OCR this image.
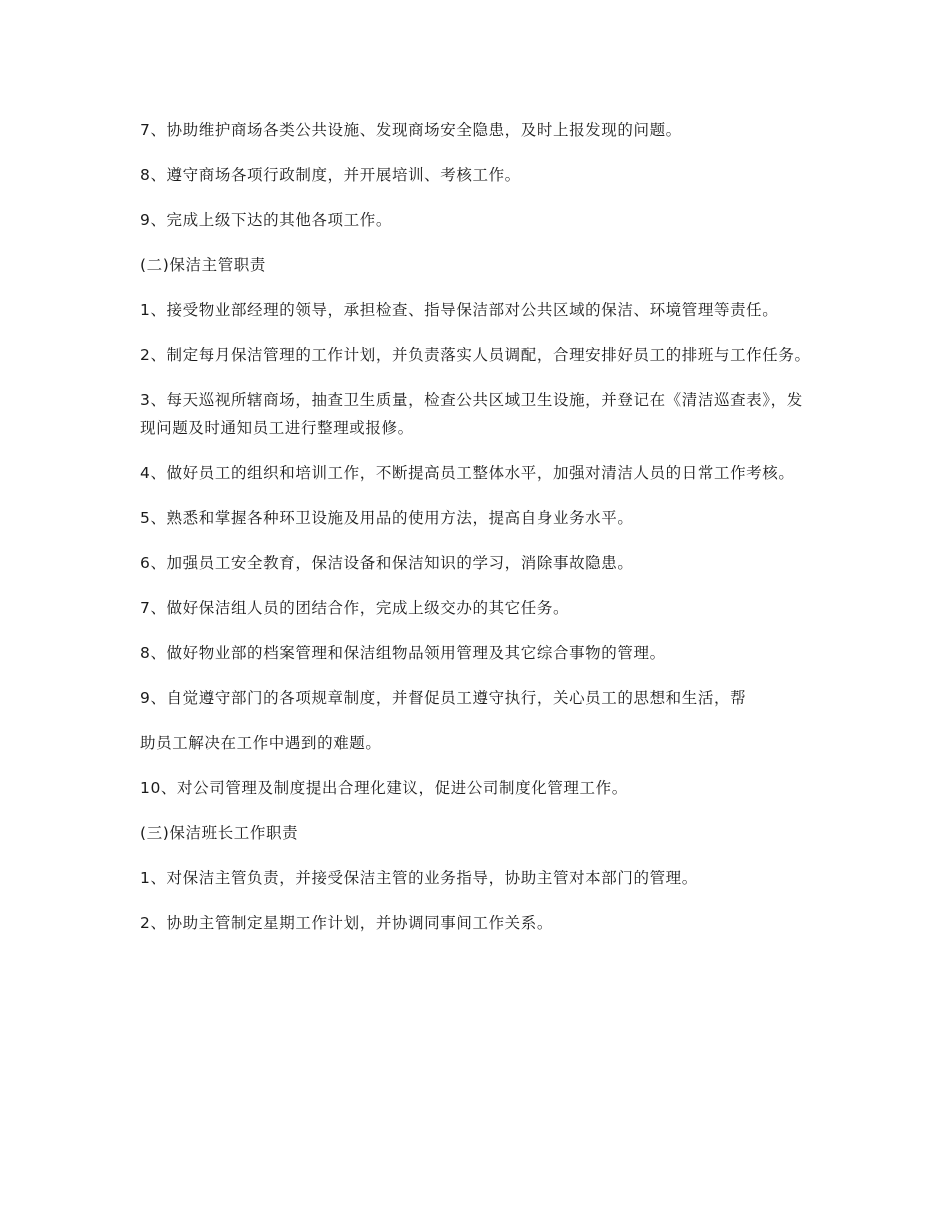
7、协助维护商场各类公共设施、发现商场安全隐患，及时上报发现的问题。

8、遵守商场各项行政制度，并开展培训、考核工作。

9、完成上级下达的其他各项工作。

(二)保洁主管职责

1、接受物业部经理的领导，承担检查、指导保洁部对公共区域的保洁、环境管理等责任。

2、制定每月保洁管理的工作计划，并负责落实人员调配，合理安排好员工的排班与工作任务。

3、每天巡视所辖商场，抽查卫生质量，检查公共区域卫生设施，并登记在《清洁巡查表》，发现问题及时通知员工进行整理或报修。

4、做好员工的组织和培训工作，不断提高员工整体水平，加强对清洁人员的日常工作考核。

5、熟悉和掌握各种环卫设施及用品的使用方法，提高自身业务水平。

6、加强员工安全教育，保洁设备和保洁知识的学习，消除事故隐患。

7、做好保洁组人员的团结合作，完成上级交办的其它任务。

8、做好物业部的档案管理和保洁组物品领用管理及其它综合事物的管理。

9、自觉遵守部门的各项规章制度，并督促员工遵守执行，关心员工的思想和生活，帮

助员工解决在工作中遇到的难题。

10、对公司管理及制度提出合理化建议，促进公司制度化管理工作。

(三)保洁班长工作职责

1、对保洁主管负责，并接受保洁主管的业务指导，协助主管对本部门的管理。

2、协助主管制定星期工作计划，并协调同事间工作关系。
